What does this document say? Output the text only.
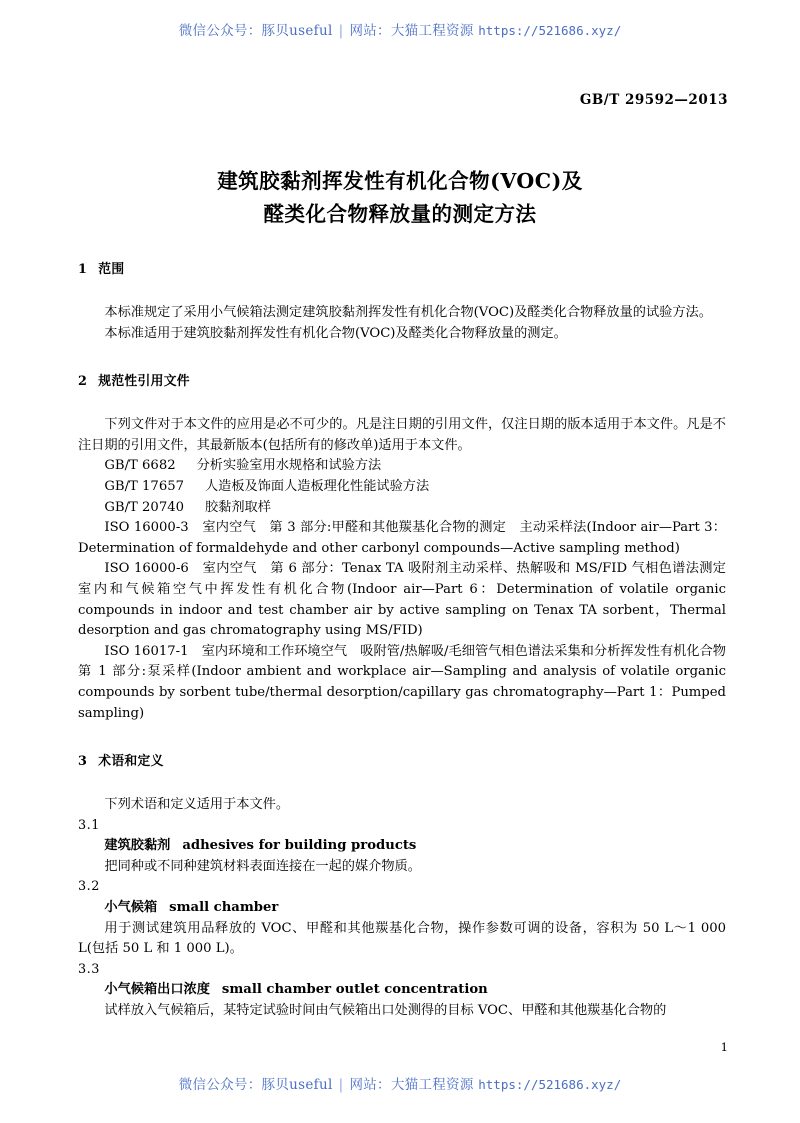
微信公众号：豚贝useful | 网站：大猫工程资源 https://521686.xyz/
GB/T 29592—2013
建筑胶黏剂挥发性有机化合物(VOC)及
醛类化合物释放量的测定方法
1 范围

本标准规定了采用小气候箱法测定建筑胶黏剂挥发性有机化合物(VOC)及醛类化合物释放量的试验方法。

本标准适用于建筑胶黏剂挥发性有机化合物(VOC)及醛类化合物释放量的测定。

2 规范性引用文件

下列文件对于本文件的应用是必不可少的。凡是注日期的引用文件，仅注日期的版本适用于本文件。凡是不注日期的引用文件，其最新版本(包括所有的修改单)适用于本文件。

GB/T 6682 分析实验室用水规格和试验方法

GB/T 17657 人造板及饰面人造板理化性能试验方法

GB/T 20740 胶黏剂取样

ISO 16000-3　室内空气　第 3 部分:甲醛和其他羰基化合物的测定　主动采样法(Indoor air—Part 3：Determination of formaldehyde and other carbonyl compounds—Active sampling method)

ISO 16000-6　室内空气　第 6 部分：Tenax TA 吸附剂主动采样、热解吸和 MS/FID 气相色谱法测定室内和气候箱空气中挥发性有机化合物(Indoor air—Part 6：Determination of volatile organic compounds in indoor and test chamber air by active sampling on Tenax TA sorbent，Thermal desorption and gas chromatography using MS/FID)

ISO 16017-1　室内环境和工作环境空气　吸附管/热解吸/毛细管气相色谱法采集和分析挥发性有机化合物　第 1 部分:泵采样(Indoor ambient and workplace air—Sampling and analysis of volatile organic compounds by sorbent tube/thermal desorption/capillary gas chromatography—Part 1：Pumped sampling)

3 术语和定义

下列术语和定义适用于本文件。

3.1

建筑胶黏剂 adhesives for building products

把同种或不同种建筑材料表面连接在一起的媒介物质。

3.2

小气候箱 small chamber

用于测试建筑用品释放的 VOC、甲醛和其他羰基化合物，操作参数可调的设备，容积为 50 L～1 000 L(包括 50 L 和 1 000 L)。

3.3

小气候箱出口浓度 small chamber outlet concentration

试样放入气候箱后，某特定试验时间由气候箱出口处测得的目标 VOC、甲醛和其他羰基化合物的

1
微信公众号：豚贝useful | 网站：大猫工程资源 https://521686.xyz/
